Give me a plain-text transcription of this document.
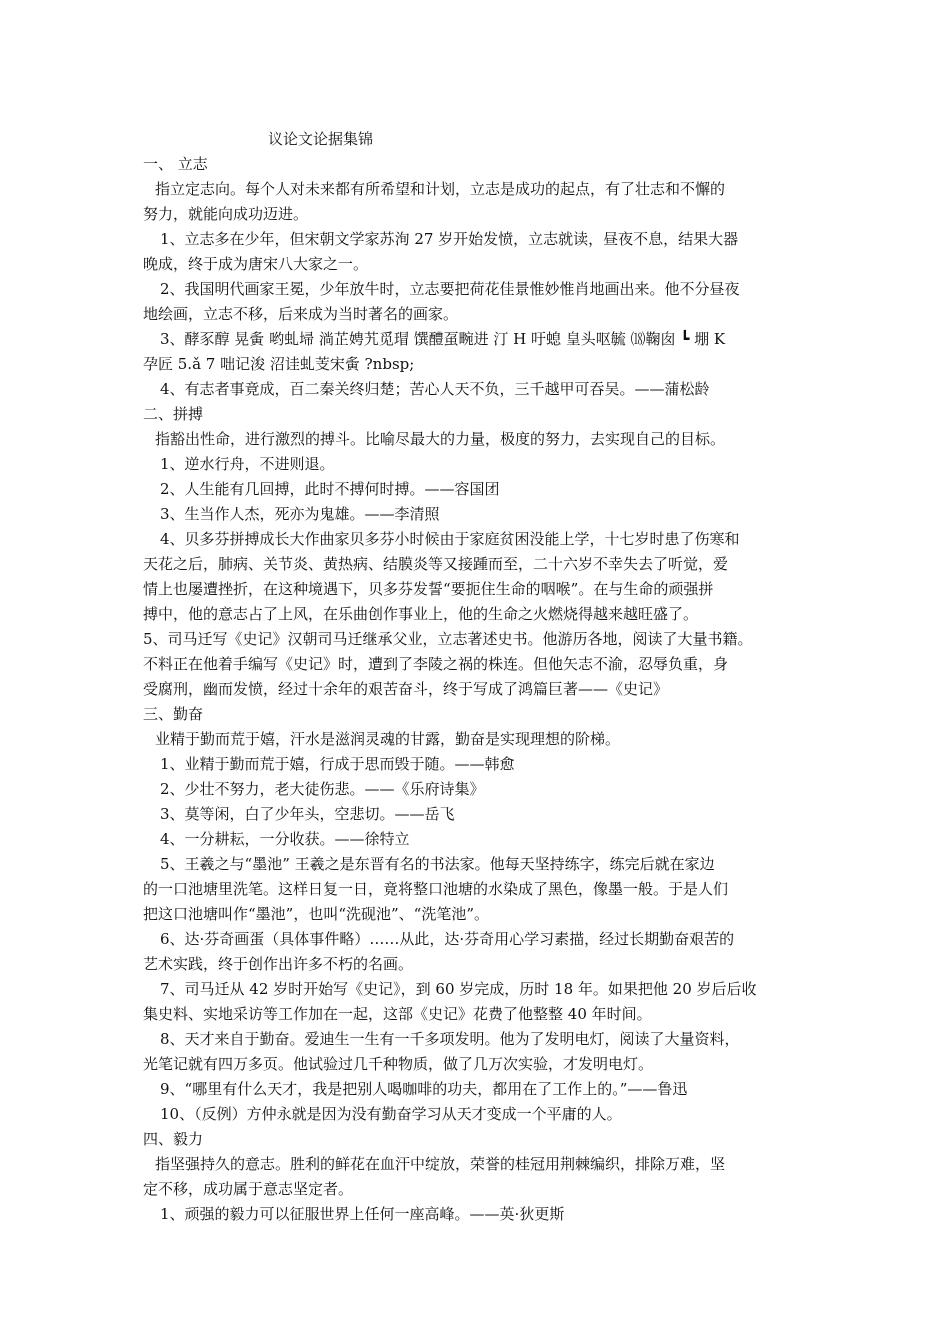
议论文论据集锦
一、 立志
指立定志向。每个人对未来都有所希望和计划，立志是成功的起点，有了壮志和不懈的
努力，就能向成功迈进。
1、立志多在少年，但宋朝文学家苏洵 27 岁开始发愤，立志就读，昼夜不息，结果大器
晚成，终于成为唐宋八大家之一。
2、我国明代画家王冕，少年放牛时，立志要把荷花佳景惟妙惟肖地画出来。他不分昼夜
地绘画，立志不移，后来成为当时著名的画家。
3、酵豕醇 晃夤 哟虬埽 淌芷娉艽觅瑁 馔醴虿畹进 汀 H 吁螅 皇头呕毓 ⒅鞠囱 ┗ 堋 K
孕匠 5.ǎ 7 咄记浚 沼诖虬芰宋夤 ?nbsp;
4、有志者事竟成，百二秦关终归楚；苦心人天不负，三千越甲可吞吴。——蒲松龄
二、拼搏
指豁出性命，进行激烈的搏斗。比喻尽最大的力量，极度的努力，去实现自己的目标。
1、逆水行舟，不进则退。
2、人生能有几回搏，此时不搏何时搏。——容国团
3、生当作人杰，死亦为鬼雄。——李清照
4、贝多芬拼搏成长大作曲家贝多芬小时候由于家庭贫困没能上学，十七岁时患了伤寒和
天花之后，肺病、关节炎、黄热病、结膜炎等又接踵而至，二十六岁不幸失去了听觉，爱
情上也屡遭挫折，在这种境遇下，贝多芬发誓“要扼住生命的咽喉”。在与生命的顽强拼
搏中，他的意志占了上风，在乐曲创作事业上，他的生命之火燃烧得越来越旺盛了。
5、司马迁写《史记》汉朝司马迁继承父业，立志著述史书。他游历各地，阅读了大量书籍。
不料正在他着手编写《史记》时，遭到了李陵之祸的株连。但他矢志不渝，忍辱负重，身
受腐刑，幽而发愤，经过十余年的艰苦奋斗，终于写成了鸿篇巨著——《史记》
三、勤奋
业精于勤而荒于嬉，汗水是滋润灵魂的甘露，勤奋是实现理想的阶梯。
1、业精于勤而荒于嬉，行成于思而毁于随。——韩愈
2、少壮不努力，老大徒伤悲。——《乐府诗集》
3、莫等闲，白了少年头，空悲切。——岳飞
4、一分耕耘，一分收获。——徐特立
5、王羲之与“墨池” 王羲之是东晋有名的书法家。他每天坚持练字，练完后就在家边
的一口池塘里洗笔。这样日复一日，竟将整口池塘的水染成了黑色，像墨一般。于是人们
把这口池塘叫作“墨池”，也叫“洗砚池”、“洗笔池”。
6、达·芬奇画蛋（具体事件略）……从此，达·芬奇用心学习素描，经过长期勤奋艰苦的
艺术实践，终于创作出许多不朽的名画。
7、司马迁从 42 岁时开始写《史记》，到 60 岁完成，历时 18 年。如果把他 20 岁后后收
集史料、实地采访等工作加在一起，这部《史记》花费了他整整 40 年时间。
8、天才来自于勤奋。爱迪生一生有一千多项发明。他为了发明电灯，阅读了大量资料，
光笔记就有四万多页。他试验过几千种物质，做了几万次实验，才发明电灯。
9、“哪里有什么天才，我是把别人喝咖啡的功夫，都用在了工作上的。”——鲁迅
10、（反例）方仲永就是因为没有勤奋学习从天才变成一个平庸的人。
四、毅力
指坚强持久的意志。胜利的鲜花在血汗中绽放，荣誉的桂冠用荆棘编织，排除万难，坚
定不移，成功属于意志坚定者。
1、顽强的毅力可以征服世界上任何一座高峰。——英·狄更斯
